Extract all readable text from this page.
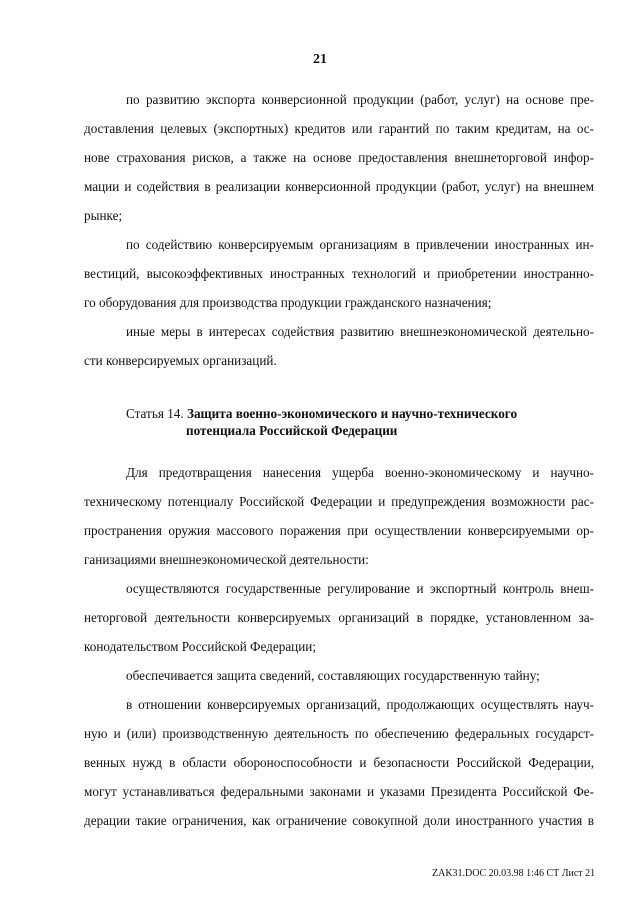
21
по развитию экспорта конверсионной продукции (работ, услуг) на основе пре-
доставления целевых (экспортных) кредитов или гарантий по таким кредитам, на ос-
нове страхования рисков, а также на основе предоставления внешнеторговой инфор-
мации и содействия в реализации конверсионной продукции (работ, услуг) на внешнем
рынке;
по содействию конверсируемым организациям в привлечении иностранных ин-
вестиций, высокоэффективных иностранных технологий и приобретении иностранно-
го оборудования для производства продукции гражданского назначения;
иные меры в интересах содействия развитию внешнеэкономической деятельно-
сти конверсируемых организаций.
Статья 14. Защита военно-экономического и научно-технического
потенциала Российской Федерации
Для предотвращения нанесения ущерба военно-экономическому и научно-
техническому потенциалу Российской Федерации и предупреждения возможности рас-
пространения оружия массового поражения при осуществлении конверсируемыми ор-
ганизациями внешнеэкономической деятельности:
осуществляются государственные регулирование и экспортный контроль внеш-
неторговой деятельности конверсируемых организаций в порядке, установленном за-
конодательством Российской Федерации;
обеспечивается защита сведений, составляющих государственную тайну;
в отношении конверсируемых организаций, продолжающих осуществлять науч-
ную и (или) производственную деятельность по обеспечению федеральных государст-
венных нужд в области обороноспособности и безопасности Российской Федерации,
могут устанавливаться федеральными законами и указами Президента Российской Фе-
дерации такие ограничения, как ограничение совокупной доли иностранного участия в
ZAK31.DOC 20.03.98 1:46 СТ Лист 21
